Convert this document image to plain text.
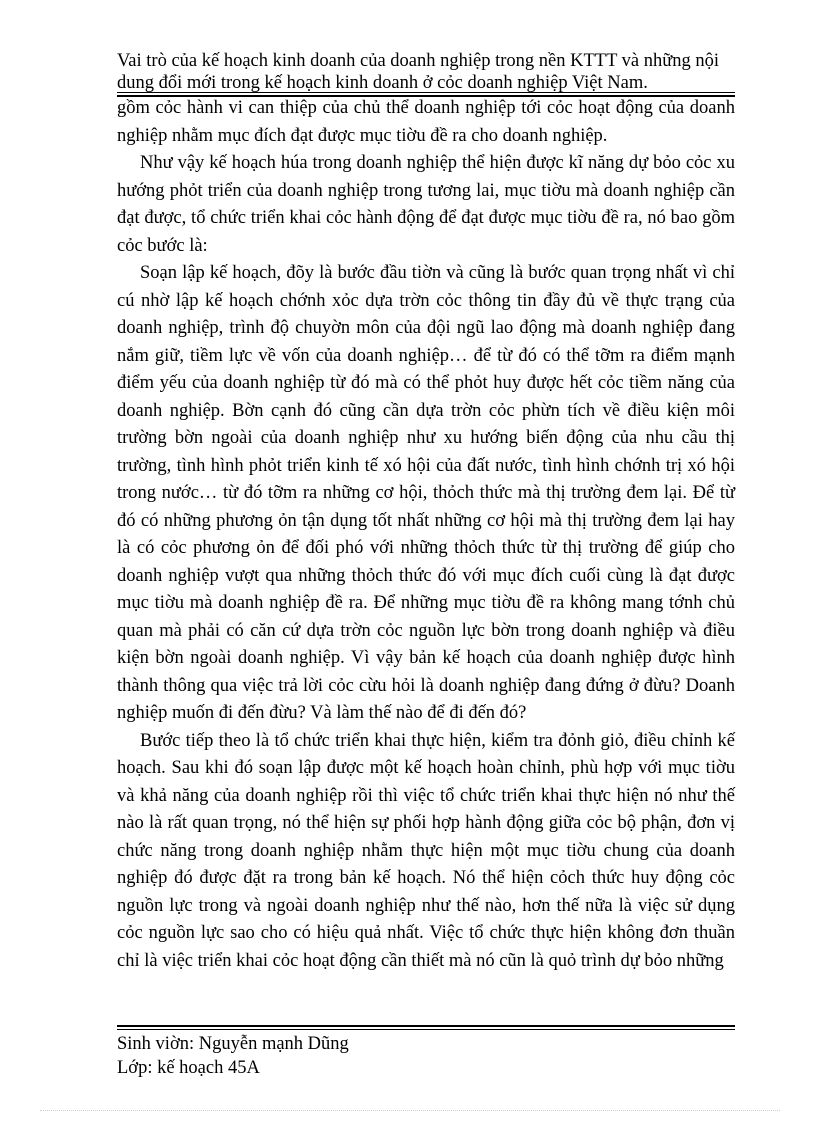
Vai trò của kế hoạch kinh doanh của doanh nghiệp trong nền KTTT và những nội
dung đổi mới trong kế hoạch kinh doanh ở cỏc doanh nghiệp Việt Nam.

gồm cỏc hành vi can thiệp của chủ thể doanh nghiệp tới cỏc hoạt động của doanh nghiệp nhằm mục đích đạt được mục tiờu đề ra cho doanh nghiệp.

Như vậy kế hoạch húa trong doanh nghiệp thể hiện được kĩ năng dự bỏo cỏc xu hướng phỏt triển của doanh nghiệp trong tương lai, mục tiờu mà doanh nghiệp cần đạt được, tổ chức triển khai cỏc hành động để đạt được mục tiờu đề ra, nó bao gồm cỏc bước là:

Soạn lập kế hoạch, đõy là bước đầu tiờn và cũng là bước quan trọng nhất vì chỉ cú nhờ lập kế hoạch chớnh xỏc dựa trờn cỏc thông tin đầy đủ về thực trạng của doanh nghiệp, trình độ chuyờn môn của đội ngũ lao động mà doanh nghiệp đang nắm giữ, tiềm lực về vốn của doanh nghiệp… để từ đó có thể tỡm ra điểm mạnh điểm yếu của doanh nghiệp từ đó mà có thể phỏt huy được hết cỏc tiềm năng của doanh nghiệp. Bờn cạnh đó cũng cần dựa trờn cỏc phừn tích về điều kiện môi trường bờn ngoài của doanh nghiệp như xu hướng biến động của nhu cầu thị trường, tình hình phỏt triển kinh tế xó hội của đất nước, tình hình chớnh trị xó hội trong nước… từ đó tỡm ra những cơ hội, thỏch thức mà thị trường đem lại. Để từ đó có những phương ỏn tận dụng tốt nhất những cơ hội mà thị trường đem lại hay là có cỏc phương ỏn để đối phó với những thỏch thức từ thị trường để giúp cho doanh nghiệp vượt qua những thỏch thức đó với mục đích cuối cùng là đạt được mục tiờu mà doanh nghiệp đề ra. Để những mục tiờu đề ra không mang tớnh chủ quan mà phải có căn cứ dựa trờn cỏc nguồn lực bờn trong doanh nghiệp và điều kiện bờn ngoài doanh nghiệp. Vì vậy bản kế hoạch của doanh nghiệp được hình thành thông qua việc trả lời cỏc cừu hỏi là doanh nghiệp đang đứng ở đừu? Doanh nghiệp muốn đi đến đừu? Và làm thế nào để đi đến đó?

Bước tiếp theo là tổ chức triển khai thực hiện, kiểm tra đỏnh giỏ, điều chỉnh kế hoạch. Sau khi đó soạn lập được một kế hoạch hoàn chỉnh, phù hợp với mục tiờu và khả năng của doanh nghiệp rồi thì việc tổ chức triển khai thực hiện nó như thế nào là rất quan trọng, nó thể hiện sự phối hợp hành động giữa cỏc bộ phận, đơn vị chức năng trong doanh nghiệp nhằm thực hiện một mục tiờu chung của doanh nghiệp đó được đặt ra trong bản kế hoạch. Nó thể hiện cỏch thức huy động cỏc nguồn lực trong và ngoài doanh nghiệp như thế nào, hơn thế nữa là việc sử dụng cỏc nguồn lực sao cho có hiệu quả nhất. Việc tổ chức thực hiện không đơn thuần chỉ là việc triển khai cỏc hoạt động cần thiết mà nó cũn là quỏ trình dự bỏo những

Sinh viờn: Nguyễn mạnh Dũng
Lớp: kế hoạch 45A
